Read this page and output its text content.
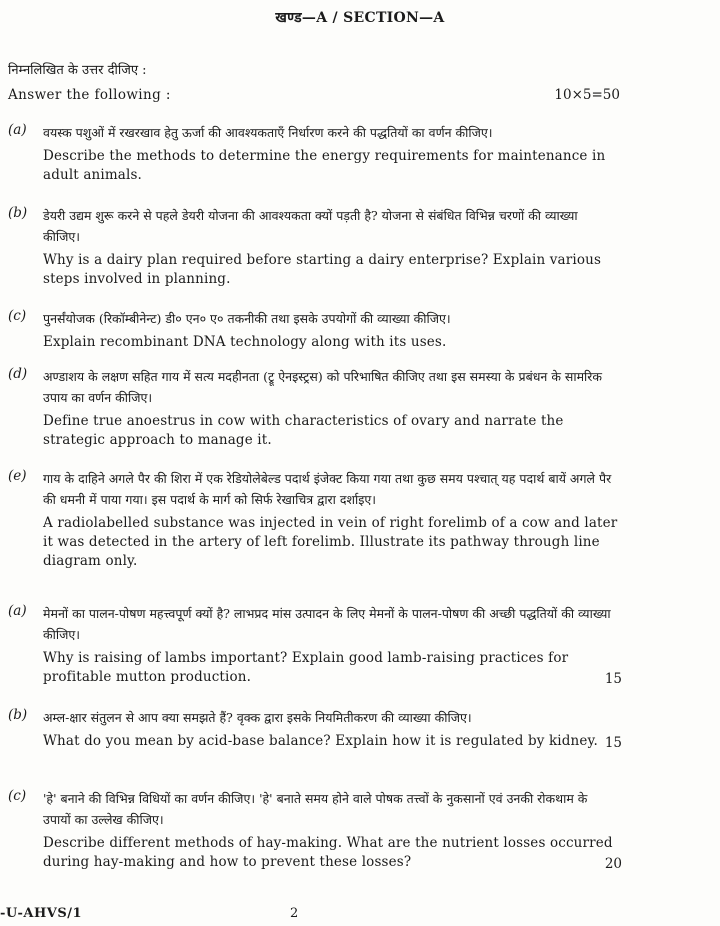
खण्ड—A / SECTION—A
निम्नलिखित के उत्तर दीजिए :
Answer the following :	10×5=50
(a) वयस्क पशुओं में रखरखाव हेतु ऊर्जा की आवश्यकताएँ निर्धारण करने की पद्धतियों का वर्णन कीजिए।
Describe the methods to determine the energy requirements for maintenance in adult animals.
(b) डेयरी उद्यम शुरू करने से पहले डेयरी योजना की आवश्यकता क्यों पड़ती है? योजना से संबंधित विभिन्न चरणों की व्याख्या कीजिए।
Why is a dairy plan required before starting a dairy enterprise? Explain various steps involved in planning.
(c) पुनर्संयोजक (रिकॉम्बीनेन्ट) डी० एन० ए० तकनीकी तथा इसके उपयोगों की व्याख्या कीजिए।
Explain recombinant DNA technology along with its uses.
(d) अण्डाशय के लक्षण सहित गाय में सत्य मदहीनता (ट्रू ऐनइस्ट्रस) को परिभाषित कीजिए तथा इस समस्या के प्रबंधन के सामरिक उपाय का वर्णन कीजिए।
Define true anoestrus in cow with characteristics of ovary and narrate the strategic approach to manage it.
(e) गाय के दाहिने अगले पैर की शिरा में एक रेडियोलेबेल्ड पदार्थ इंजेक्ट किया गया तथा कुछ समय पश्चात् यह पदार्थ बायें अगले पैर की धमनी में पाया गया। इस पदार्थ के मार्ग को सिर्फ रेखाचित्र द्वारा दर्शाइए।
A radiolabelled substance was injected in vein of right forelimb of a cow and later it was detected in the artery of left forelimb. Illustrate its pathway through line diagram only.
(a) मेमनों का पालन-पोषण महत्त्वपूर्ण क्यों है? लाभप्रद मांस उत्पादन के लिए मेमनों के पालन-पोषण की अच्छी पद्धतियों की व्याख्या कीजिए।
Why is raising of lambs important? Explain good lamb-raising practices for profitable mutton production.	15
(b) अम्ल-क्षार संतुलन से आप क्या समझते हैं? वृक्क द्वारा इसके नियमितीकरण की व्याख्या कीजिए।
What do you mean by acid-base balance? Explain how it is regulated by kidney. 15
(c) 'हे' बनाने की विभिन्न विधियों का वर्णन कीजिए। 'हे' बनाते समय होने वाले पोषक तत्त्वों के नुकसानों एवं उनकी रोकथाम के उपायों का उल्लेख कीजिए।
Describe different methods of hay-making. What are the nutrient losses occurred during hay-making and how to prevent these losses?	20
-U-AHVS/1	2
